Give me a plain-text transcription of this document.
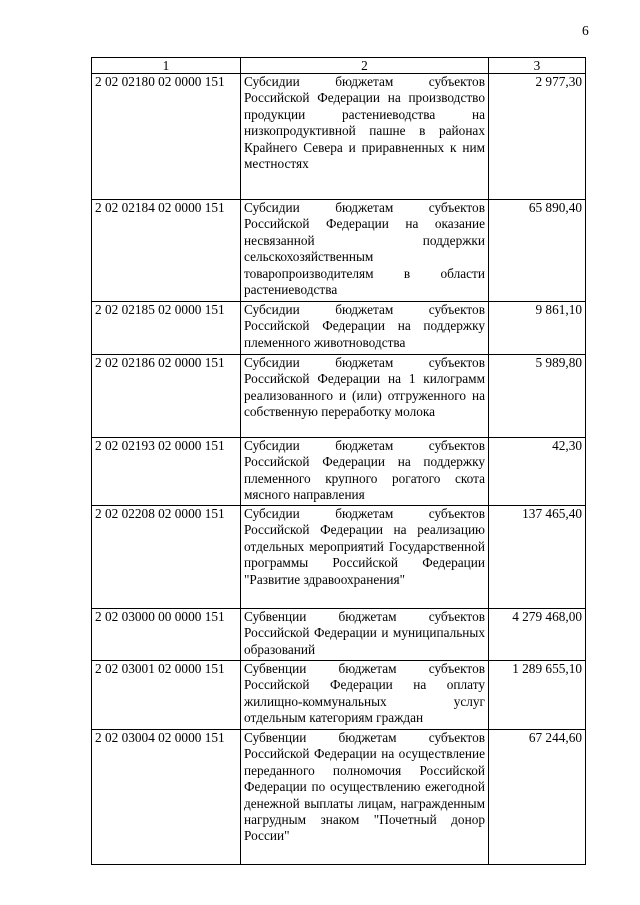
6
1	2	3
2 02 02180 02 0000 151	Субсидии бюджетам субъектов Российской Федерации на производство продукции растениеводства на низкопродуктивной пашне в районах Крайнего Севера и приравненных к ним местностях	2 977,30
2 02 02184 02 0000 151	Субсидии бюджетам субъектов Российской Федерации на оказание несвязанной поддержки сельскохозяйственным товаропроизводителям в области растениеводства	65 890,40
2 02 02185 02 0000 151	Субсидии бюджетам субъектов Российской Федерации на поддержку племенного животноводства	9 861,10
2 02 02186 02 0000 151	Субсидии бюджетам субъектов Российской Федерации на 1 килограмм реализованного и (или) отгруженного на собственную переработку молока	5 989,80
2 02 02193 02 0000 151	Субсидии бюджетам субъектов Российской Федерации на поддержку племенного крупного рогатого скота мясного направления	42,30
2 02 02208 02 0000 151	Субсидии бюджетам субъектов Российской Федерации на реализацию отдельных мероприятий Государственной программы Российской Федерации "Развитие здравоохранения"	137 465,40
2 02 03000 00 0000 151	Субвенции бюджетам субъектов Российской Федерации и муниципальных образований	4 279 468,00
2 02 03001 02 0000 151	Субвенции бюджетам субъектов Российской Федерации на оплату жилищно-коммунальных услуг отдельным категориям граждан	1 289 655,10
2 02 03004 02 0000 151	Субвенции бюджетам субъектов Российской Федерации на осуществление переданного полномочия Российской Федерации по осуществлению ежегодной денежной выплаты лицам, награжденным нагрудным знаком "Почетный донор России"	67 244,60
